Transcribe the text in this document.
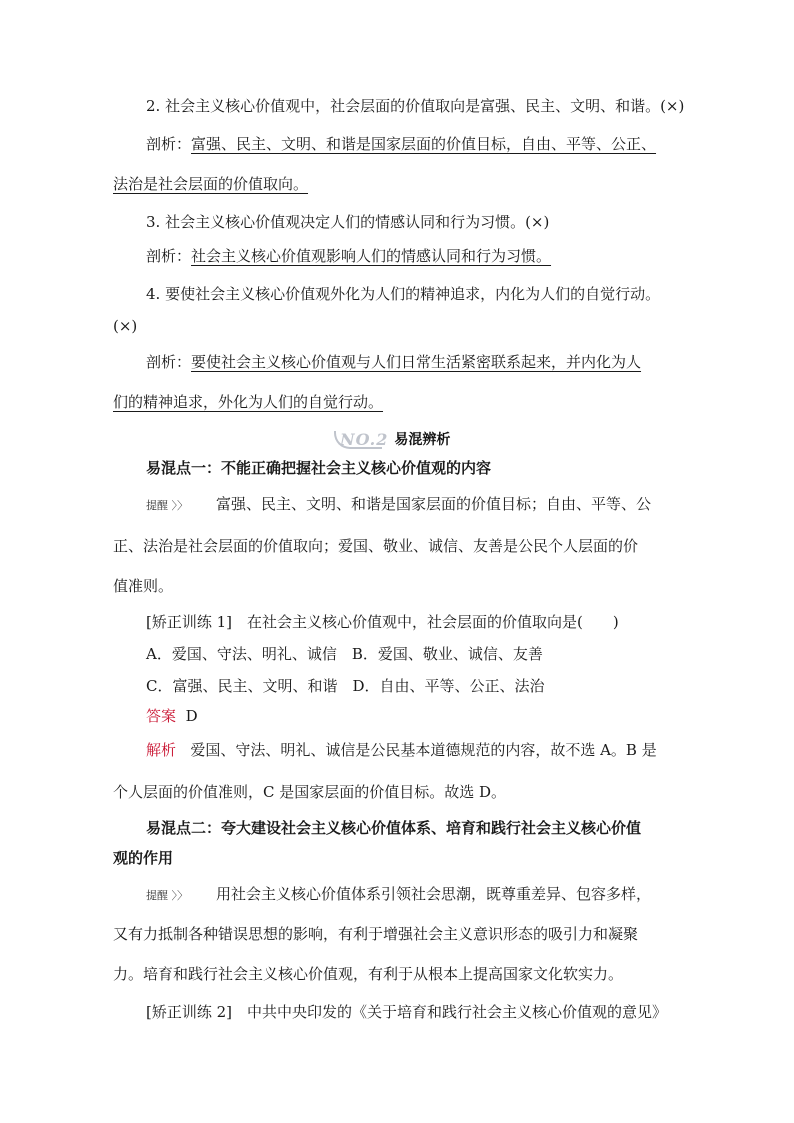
2. 社会主义核心价值观中，社会层面的价值取向是富强、民主、文明、和谐。(×)
剖析：富强、民主、文明、和谐是国家层面的价值目标，自由、平等、公正、
法治是社会层面的价值取向。
3. 社会主义核心价值观决定人们的情感认同和行为习惯。(×)
剖析：社会主义核心价值观影响人们的情感认同和行为习惯。
4. 要使社会主义核心价值观外化为人们的精神追求，内化为人们的自觉行动。
(×)
剖析：要使社会主义核心价值观与人们日常生活紧密联系起来，并内化为人
们的精神追求，外化为人们的自觉行动。
NO.2 易混辨析
易混点一：不能正确把握社会主义核心价值观的内容
提醒 〉〉 富强、民主、文明、和谐是国家层面的价值目标；自由、平等、公
正、法治是社会层面的价值取向；爱国、敬业、诚信、友善是公民个人层面的价
值准则。
[矫正训练 1]　在社会主义核心价值观中，社会层面的价值取向是(　　)
A．爱国、守法、明礼、诚信　B．爱国、敬业、诚信、友善
C．富强、民主、文明、和谐　D．自由、平等、公正、法治
答案 D
解析 爱国、守法、明礼、诚信是公民基本道德规范的内容，故不选 A。B 是
个人层面的价值准则，C 是国家层面的价值目标。故选 D。
易混点二：夸大建设社会主义核心价值体系、培育和践行社会主义核心价值
观的作用
提醒 〉〉 用社会主义核心价值体系引领社会思潮，既尊重差异、包容多样，
又有力抵制各种错误思想的影响，有利于增强社会主义意识形态的吸引力和凝聚
力。培育和践行社会主义核心价值观，有利于从根本上提高国家文化软实力。
[矫正训练 2]　中共中央印发的《关于培育和践行社会主义核心价值观的意见》
